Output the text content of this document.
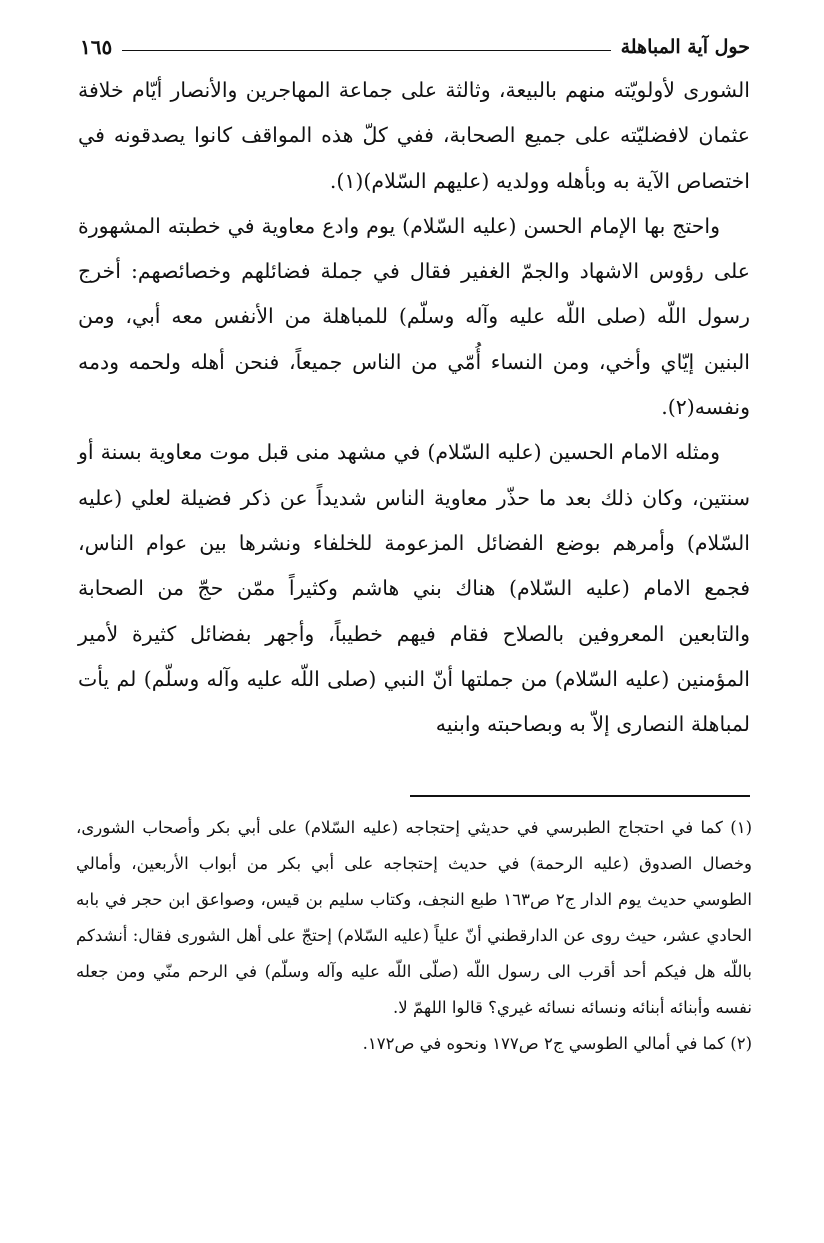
حول آية المباهلة
١٦٥

الشورى لأولويّته منهم بالبيعة، وثالثة على جماعة المهاجرين والأنصار أيّام خلافة عثمان لافضليّته على جميع الصحابة، ففي كلّ هذه المواقف كانوا يصدقونه في اختصاص الآية به وبأهله وولديه (عليهم السّلام)(١).

واحتج بها الإمام الحسن (عليه السّلام) يوم وادع معاوية في خطبته المشهورة على رؤوس الاشهاد والجمّ الغفير فقال في جملة فضائلهم وخصائصهم: أخرج رسول اللّه (صلى اللّه عليه وآله وسلّم) للمباهلة من الأنفس معه أبي، ومن البنين إيّاي وأخي، ومن النساء أُمّي من الناس جميعاً، فنحن أهله ولحمه ودمه ونفسه(٢).

ومثله الامام الحسين (عليه السّلام) في مشهد منى قبل موت معاوية بسنة أو سنتين، وكان ذلك بعد ما حذّر معاوية الناس شديداً عن ذكر فضيلة لعلي (عليه السّلام) وأمرهم بوضع الفضائل المزعومة للخلفاء ونشرها بين عوام الناس، فجمع الامام (عليه السّلام) هناك بني هاشم وكثيراً ممّن حجّ من الصحابة والتابعين المعروفين بالصلاح فقام فيهم خطيباً، وأجهر بفضائل كثيرة لأمير المؤمنين (عليه السّلام) من جملتها أنّ النبي (صلى اللّه عليه وآله وسلّم) لم يأت لمباهلة النصارى إلاّ به وبصاحبته وابنيه

(١) كما في احتجاج الطبرسي في حديثي إحتجاجه (عليه السّلام) على أبي بكر وأصحاب الشورى، وخصال الصدوق (عليه الرحمة) في حديث إحتجاجه على أبي بكر من أبواب الأربعين، وأمالي الطوسي حديث يوم الدار ج٢ ص١٦٣ طبع النجف، وكتاب سليم بن قيس، وصواعق ابن حجر في بابه الحادي عشر، حيث روى عن الدارقطني أنّ علياً (عليه السّلام) إحتجّ على أهل الشورى فقال: أنشدكم باللّه هل فيكم أحد أقرب الى رسول اللّه (صلّى اللّه عليه وآله وسلّم) في الرحم منّي ومن جعله نفسه وأبنائه أبنائه ونسائه نسائه غيري؟ قالوا اللهمّ لا.

(٢) كما في أمالي الطوسي ج٢ ص١٧٧ ونحوه في ص١٧٢.
